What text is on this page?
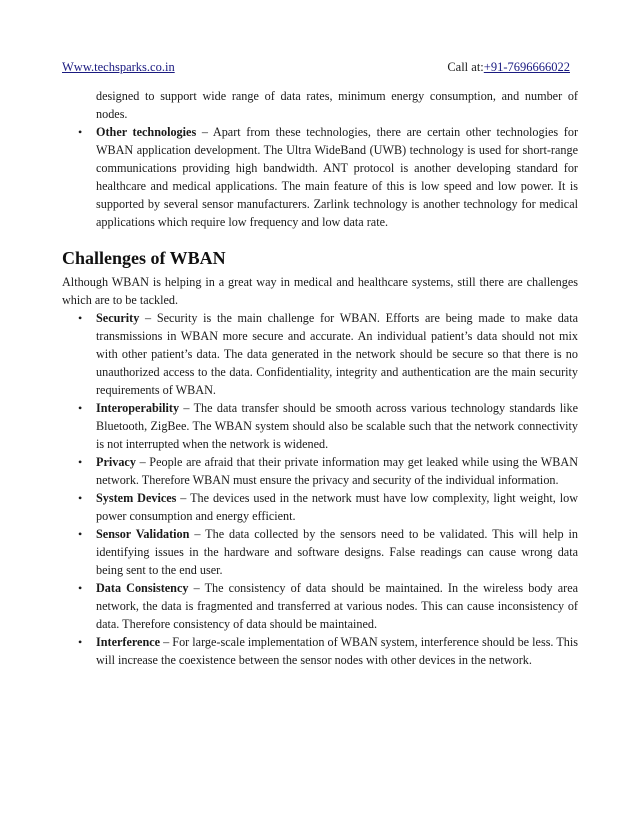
Www.techsparks.co.in	Call at:+91-7696666022

designed to support wide range of data rates, minimum energy consumption, and number of nodes.

• Other technologies – Apart from these technologies, there are certain other technologies for WBAN application development. The Ultra WideBand (UWB) technology is used for short-range communications providing high bandwidth. ANT protocol is another developing standard for healthcare and medical applications. The main feature of this is low speed and low power. It is supported by several sensor manufacturers. Zarlink technology is another technology for medical applications which require low frequency and low data rate.
Challenges of WBAN

Although WBAN is helping in a great way in medical and healthcare systems, still there are challenges which are to be tackled.

• Security – Security is the main challenge for WBAN. Efforts are being made to make data transmissions in WBAN more secure and accurate. An individual patient’s data should not mix with other patient’s data. The data generated in the network should be secure so that there is no unauthorized access to the data. Confidentiality, integrity and authentication are the main security requirements of WBAN.
• Interoperability – The data transfer should be smooth across various technology standards like Bluetooth, ZigBee. The WBAN system should also be scalable such that the network connectivity is not interrupted when the network is widened.
• Privacy – People are afraid that their private information may get leaked while using the WBAN network. Therefore WBAN must ensure the privacy and security of the individual information.
• System Devices – The devices used in the network must have low complexity, light weight, low power consumption and energy efficient.
• Sensor Validation – The data collected by the sensors need to be validated. This will help in identifying issues in the hardware and software designs. False readings can cause wrong data being sent to the end user.
• Data Consistency – The consistency of data should be maintained. In the wireless body area network, the data is fragmented and transferred at various nodes. This can cause inconsistency of data. Therefore consistency of data should be maintained.
• Interference – For large-scale implementation of WBAN system, interference should be less. This will increase the coexistence between the sensor nodes with other devices in the network.
